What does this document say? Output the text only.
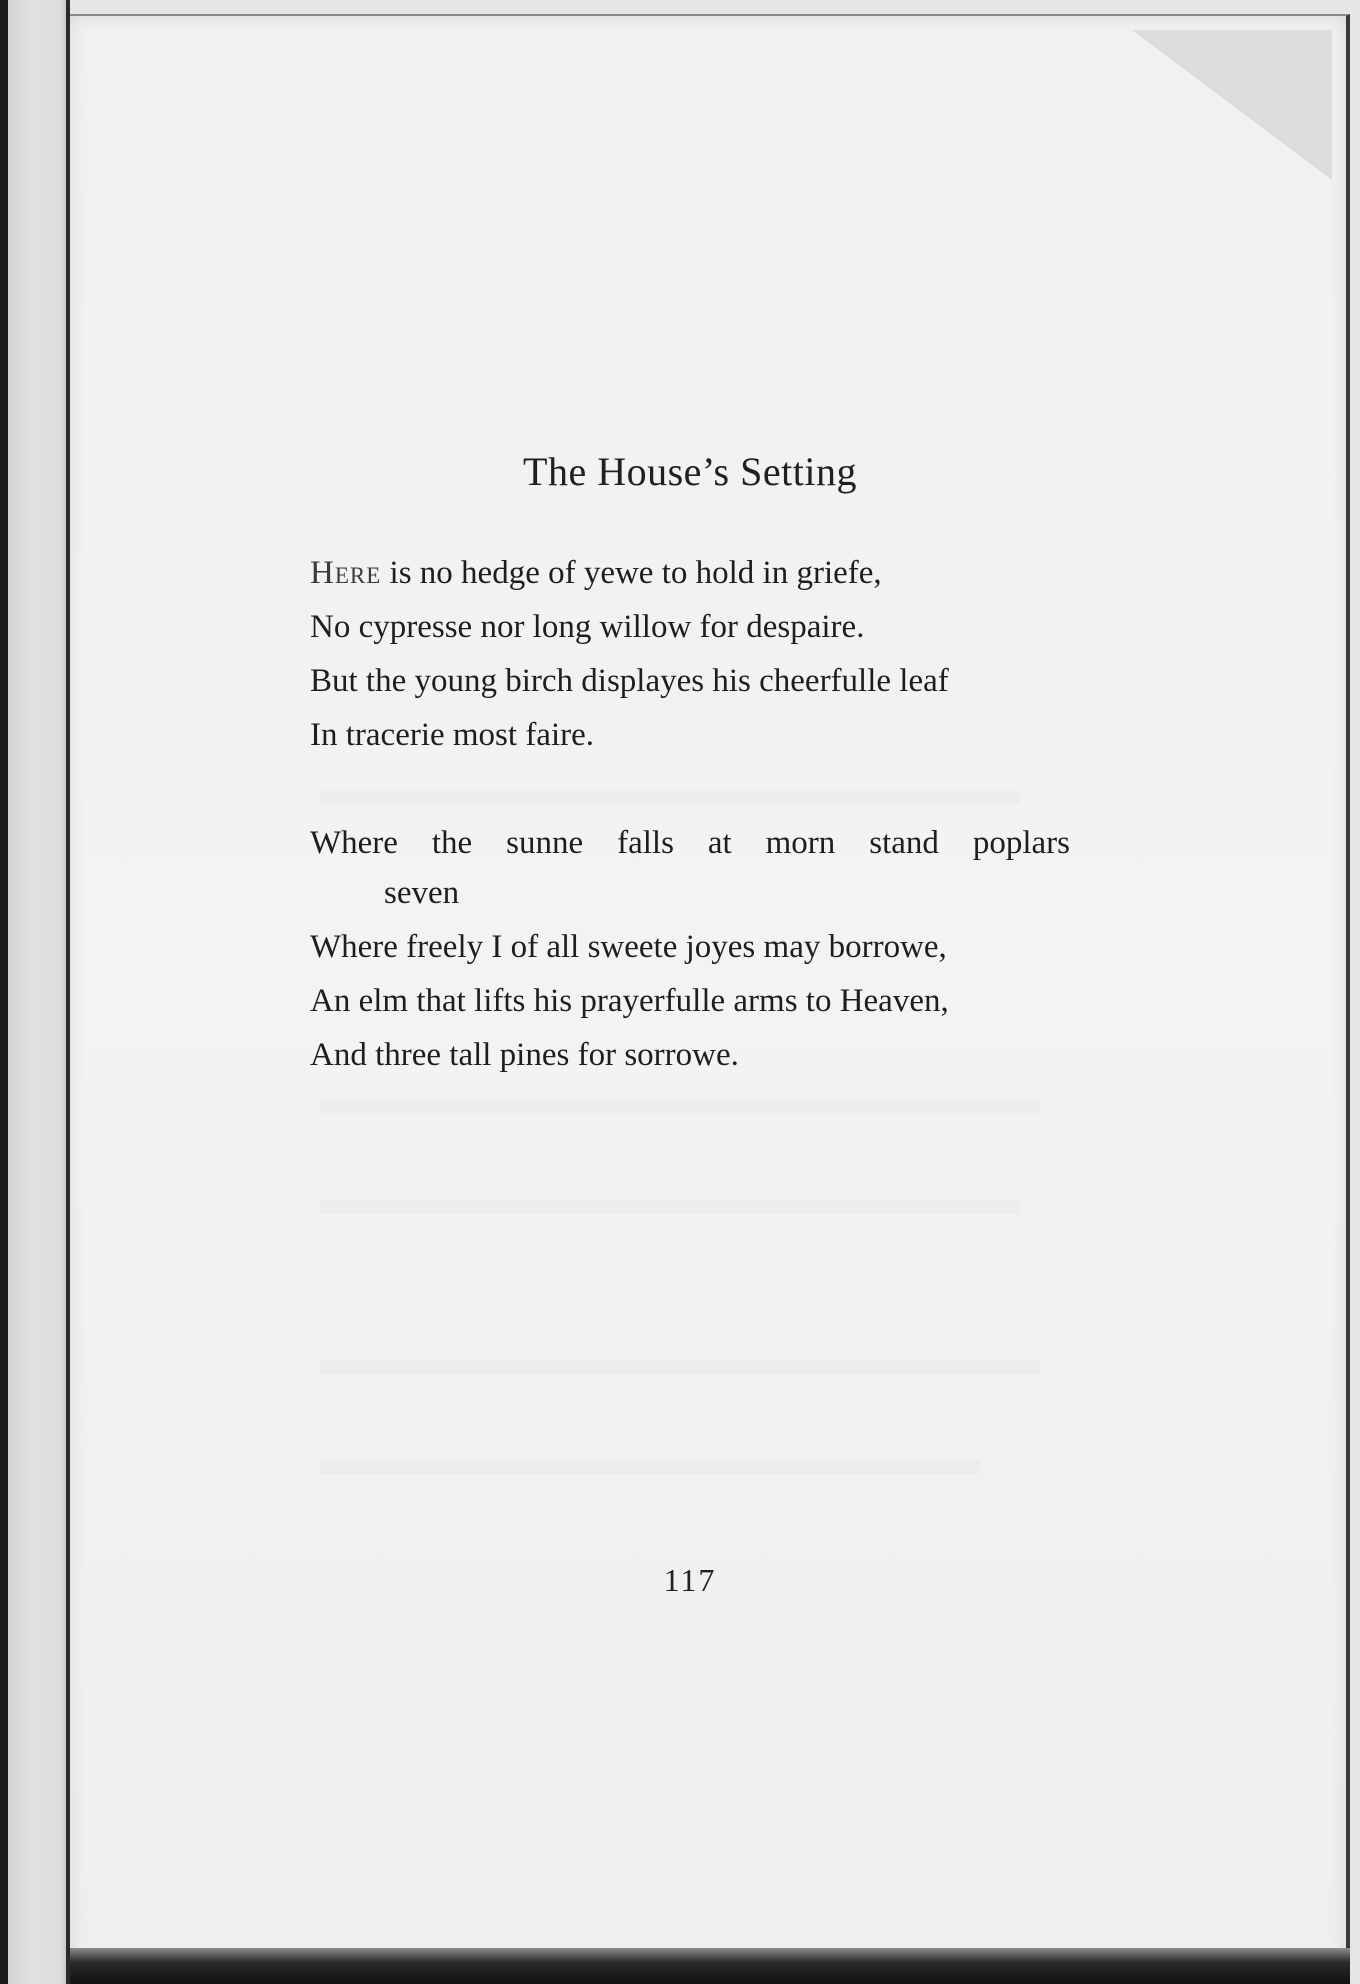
The House’s Setting
Here is no hedge of yewe to hold in griefe,
No cypresse nor long willow for despaire.
But the young birch displayes his cheerfulle leaf
In tracerie most faire.
Where the sunne falls at morn stand poplars
seven
Where freely I of all sweete joyes may borrowe,
An elm that lifts his prayerfulle arms to Heaven,
And three tall pines for sorrowe.
117
